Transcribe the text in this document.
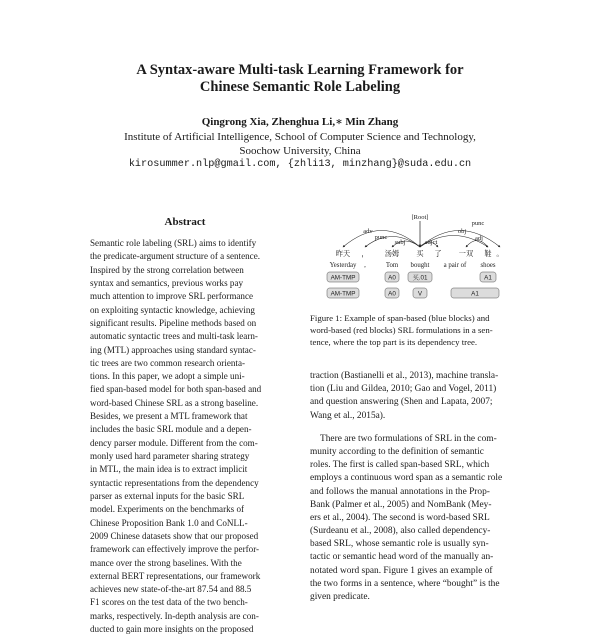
A Syntax-aware Multi-task Learning Framework for
Chinese Semantic Role Labeling
Qingrong Xia, Zhenghua Li,∗ Min Zhang
Institute of Artificial Intelligence, School of Computer Science and Technology,
Soochow University, China
kirosummer.nlp@gmail.com, {zhli13, minzhang}@suda.edu.cn
Abstract
Semantic role labeling (SRL) aims to identify
the predicate-argument structure of a sentence.
Inspired by the strong correlation between
syntax and semantics, previous works pay
much attention to improve SRL performance
on exploiting syntactic knowledge, achieving
significant results. Pipeline methods based on
automatic syntactic trees and multi-task learn-
ing (MTL) approaches using standard syntac-
tic trees are two common research orienta-
tions. In this paper, we adopt a simple uni-
fied span-based model for both span-based and
word-based Chinese SRL as a strong baseline.
Besides, we present a MTL framework that
includes the basic SRL module and a depen-
dency parser module. Different from the com-
monly used hard parameter sharing strategy
in MTL, the main idea is to extract implicit
syntactic representations from the dependency
parser as external inputs for the basic SRL
model. Experiments on the benchmarks of
Chinese Proposition Bank 1.0 and CoNLL-
2009 Chinese datasets show that our proposed
framework can effectively improve the perfor-
mance over the strong baselines. With the
external BERT representations, our framework
achieves new state-of-the-art 87.54 and 88.5
F1 scores on the test data of the two bench-
marks, respectively. In-depth analysis are con-
ducted to gain more insights on the proposed
[Root]
adv
punc
subj	adjct
punc
obj
adj
昨天 ， 汤姆 买 了 一双 鞋 。
Yesterday ,	Tom bought a pair of shoes
AM-TMP	A0	买.01	A1
AM-TMP	A0	V	A1
Figure 1: Example of span-based (blue blocks) and
word-based (red blocks) SRL formulations in a sen-
tence, where the top part is its dependency tree.
traction (Bastianelli et al., 2013), machine transla-
tion (Liu and Gildea, 2010; Gao and Vogel, 2011)
and question answering (Shen and Lapata, 2007;
Wang et al., 2015a).
There are two formulations of SRL in the com-
munity according to the definition of semantic
roles. The first is called span-based SRL, which
employs a continuous word span as a semantic role
and follows the manual annotations in the Prop-
Bank (Palmer et al., 2005) and NomBank (Mey-
ers et al., 2004). The second is word-based SRL
(Surdeanu et al., 2008), also called dependency-
based SRL, whose semantic role is usually syn-
tactic or semantic head word of the manually an-
notated word span. Figure 1 gives an example of
the two forms in a sentence, where “bought” is the
given predicate.
